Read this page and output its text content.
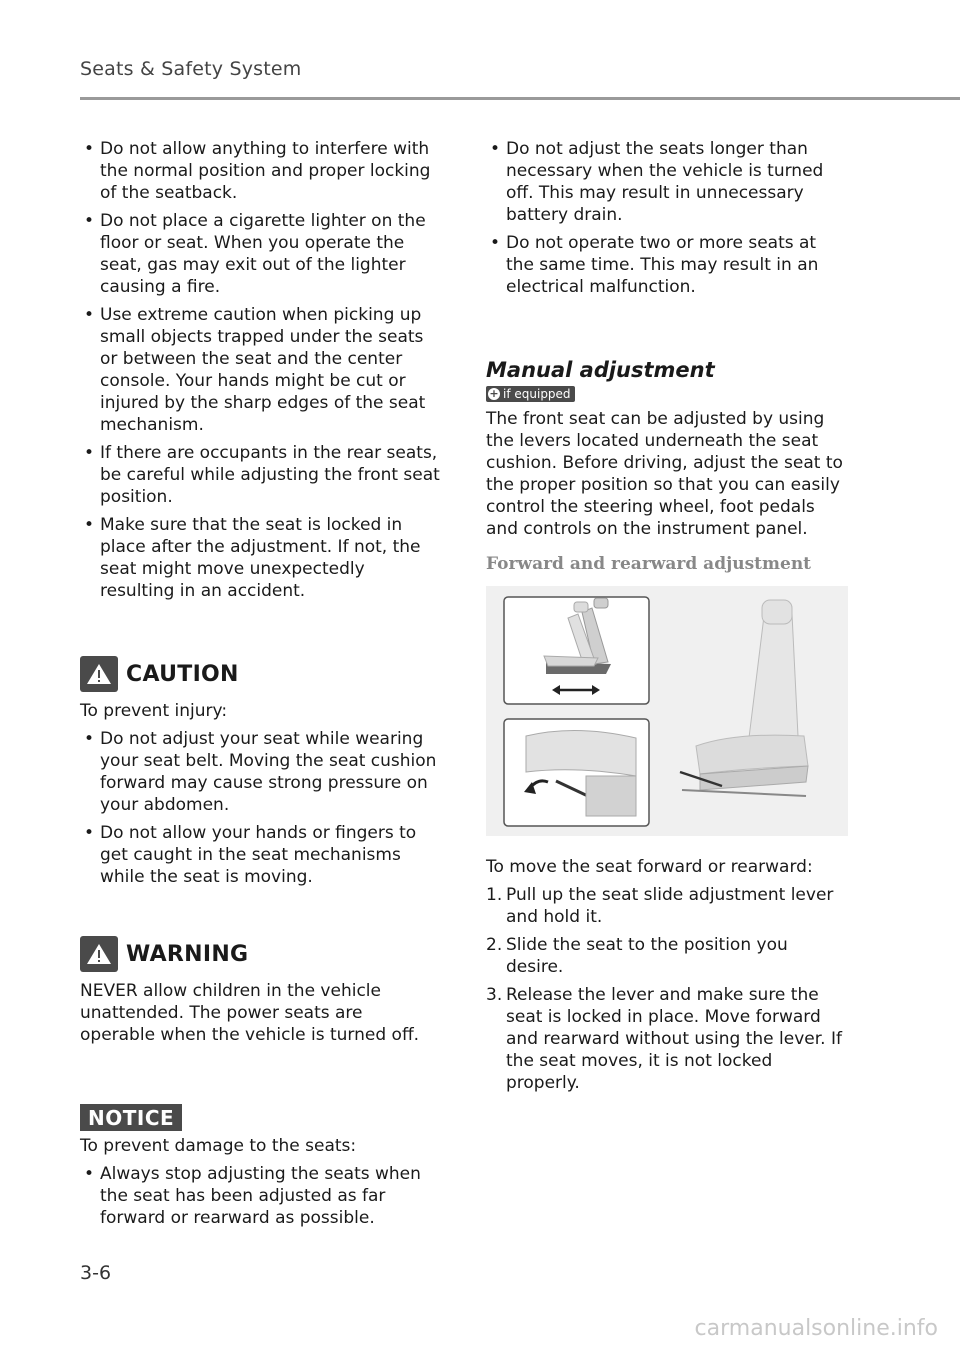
Seats & Safety System
• Do not allow anything to interfere with the normal position and proper locking of the seatback.
• Do not place a cigarette lighter on the floor or seat. When you operate the seat, gas may exit out of the lighter causing a fire.
• Use extreme caution when picking up small objects trapped under the seats or between the seat and the center console. Your hands might be cut or injured by the sharp edges of the seat mechanism.
• If there are occupants in the rear seats, be careful while adjusting the front seat position.
• Make sure that the seat is locked in place after the adjustment. If not, the seat might move unexpectedly resulting in an accident.
CAUTION

To prevent injury:

• Do not adjust your seat while wearing your seat belt. Moving the seat cushion forward may cause strong pressure on your abdomen.
• Do not allow your hands or fingers to get caught in the seat mechanisms while the seat is moving.
WARNING

NEVER allow children in the vehicle unattended. The power seats are operable when the vehicle is turned off.

NOTICE

To prevent damage to the seats:

• Always stop adjusting the seats when the seat has been adjusted as far forward or rearward as possible.
• Do not adjust the seats longer than necessary when the vehicle is turned off. This may result in unnecessary battery drain.
• Do not operate two or more seats at the same time. This may result in an electrical malfunction.
Manual adjustment
+ if equipped

The front seat can be adjusted by using the levers located underneath the seat cushion. Before driving, adjust the seat to the proper position so that you can easily control the steering wheel, foot pedals and controls on the instrument panel.

Forward and rearward adjustment

To move the seat forward or rearward:

1. Pull up the seat slide adjustment lever and hold it.
2. Slide the seat to the position you desire.
3. Release the lever and make sure the seat is locked in place. Move forward and rearward without using the lever. If the seat moves, it is not locked properly.
3-6
carmanualsonline.info
